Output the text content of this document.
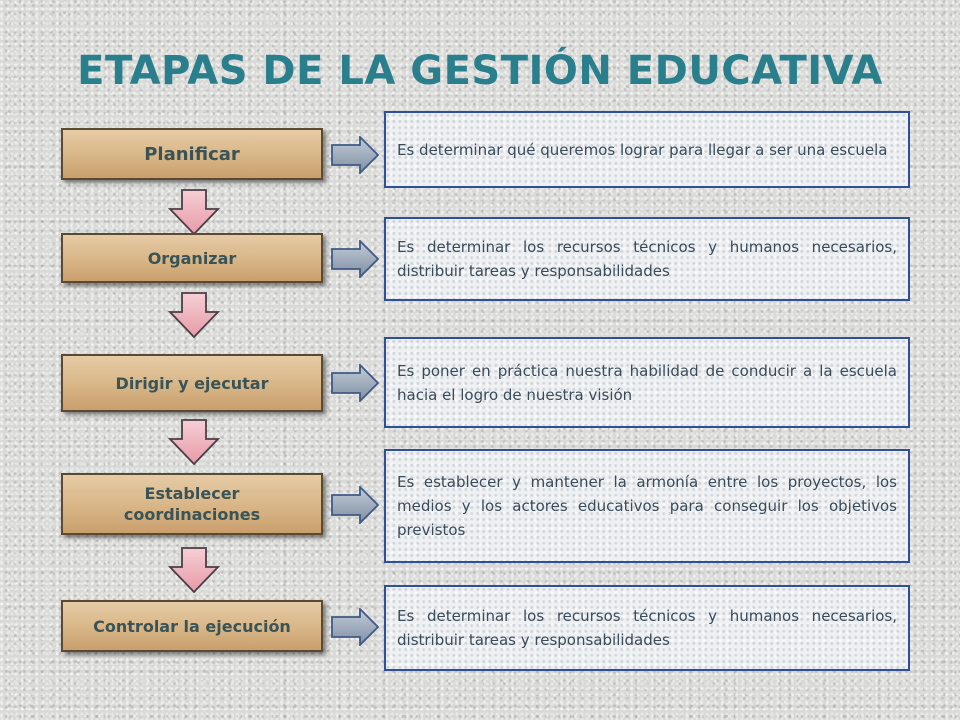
ETAPAS DE LA GESTIÓN EDUCATIVA
Planificar	Es determinar qué queremos lograr para llegar a ser una escuela
Organizar
Es determinar los recursos técnicos y humanos necesarios, distribuir tareas y responsabilidades
Dirigir y ejecutar
Es poner en práctica nuestra habilidad de conducir a la escuela hacia el logro de nuestra visión
Establecer coordinaciones
Es establecer y mantener la armonía entre los proyectos, los medios y los actores educativos para conseguir los objetivos previstos
Controlar la ejecución
Es determinar los recursos técnicos y humanos necesarios, distribuir tareas y responsabilidades
